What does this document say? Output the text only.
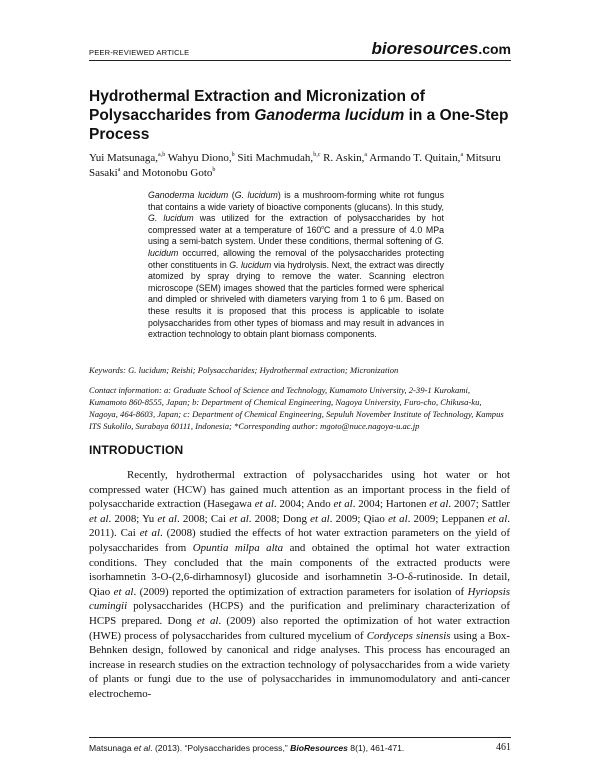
PEER-REVIEWED ARTICLE	bioresources.com
Hydrothermal Extraction and Micronization of Polysaccharides from Ganoderma lucidum in a One-Step Process
Yui Matsunaga,$^{a,b}$ Wahyu Diono,$^b$ Siti Machmudah,$^{b,c}$ R. Askin,$^a$ Armando T. Quitain,$^a$ Mitsuru Sasaki$^a$ and Motonobu Goto$^b$
Ganoderma lucidum (G. lucidum) is a mushroom-forming white rot fungus that contains a wide variety of bioactive components (glucans). In this study, G. lucidum was utilized for the extraction of polysaccharides by hot compressed water at a temperature of 160$^o$C and a pressure of 4.0 MPa using a semi-batch system. Under these conditions, thermal softening of G. lucidum occurred, allowing the removal of the polysaccharides protecting other constituents in G. lucidum via hydrolysis. Next, the extract was directly atomized by spray drying to remove the water. Scanning electron microscope (SEM) images showed that the particles formed were spherical and dimpled or shriveled with diameters varying from 1 to 6 μm. Based on these results it is proposed that this process is applicable to isolate polysaccharides from other types of biomass and may result in advances in extraction technology to obtain plant biomass components.
Keywords: G. lucidum; Reishi; Polysaccharides; Hydrothermal extraction; Micronization
Contact information: a: Graduate School of Science and Technology, Kumamoto University, 2-39-1 Kurokami, Kumamoto 860-8555, Japan; b: Department of Chemical Engineering, Nagoya University, Furo-cho, Chikusa-ku, Nagoya, 464-8603, Japan; c: Department of Chemical Engineering, Sepuluh November Institute of Technology, Kampus ITS Sukolilo, Surabaya 60111, Indonesia; *Corresponding author: mgoto@nuce.nagoya-u.ac.jp
INTRODUCTION
Recently, hydrothermal extraction of polysaccharides using hot water or hot compressed water (HCW) has gained much attention as an important process in the field of polysaccharide extraction (Hasegawa et al. 2004; Ando et al. 2004; Hartonen et al. 2007; Sattler et al. 2008; Yu et al. 2008; Cai et al. 2008; Dong et al. 2009; Qiao et al. 2009; Leppanen et al. 2011). Cai et al. (2008) studied the effects of hot water extraction parameters on the yield of polysaccharides from Opuntia milpa alta and obtained the optimal hot water extraction conditions. They concluded that the main components of the extracted products were isorhamnetin 3-O-(2,6-dirhamnosyl) glucoside and isorhamnetin 3-O-δ-rutinoside. In detail, Qiao et al. (2009) reported the optimization of extraction parameters for isolation of Hyriopsis cumingii polysaccharides (HCPS) and the purification and preliminary characterization of HCPS prepared. Dong et al. (2009) also reported the optimization of hot water extraction (HWE) process of polysaccharides from cultured mycelium of Cordyceps sinensis using a Box-Behnken design, followed by canonical and ridge analyses. This process has encouraged an increase in research studies on the extraction technology of polysaccharides from a wide variety of plants or fungi due to the use of polysaccharides in immunomodulatory and anti-cancer electrochemo-
Matsunaga et al. (2013). “Polysaccharides process,” BioResources 8(1), 461-471.	461
